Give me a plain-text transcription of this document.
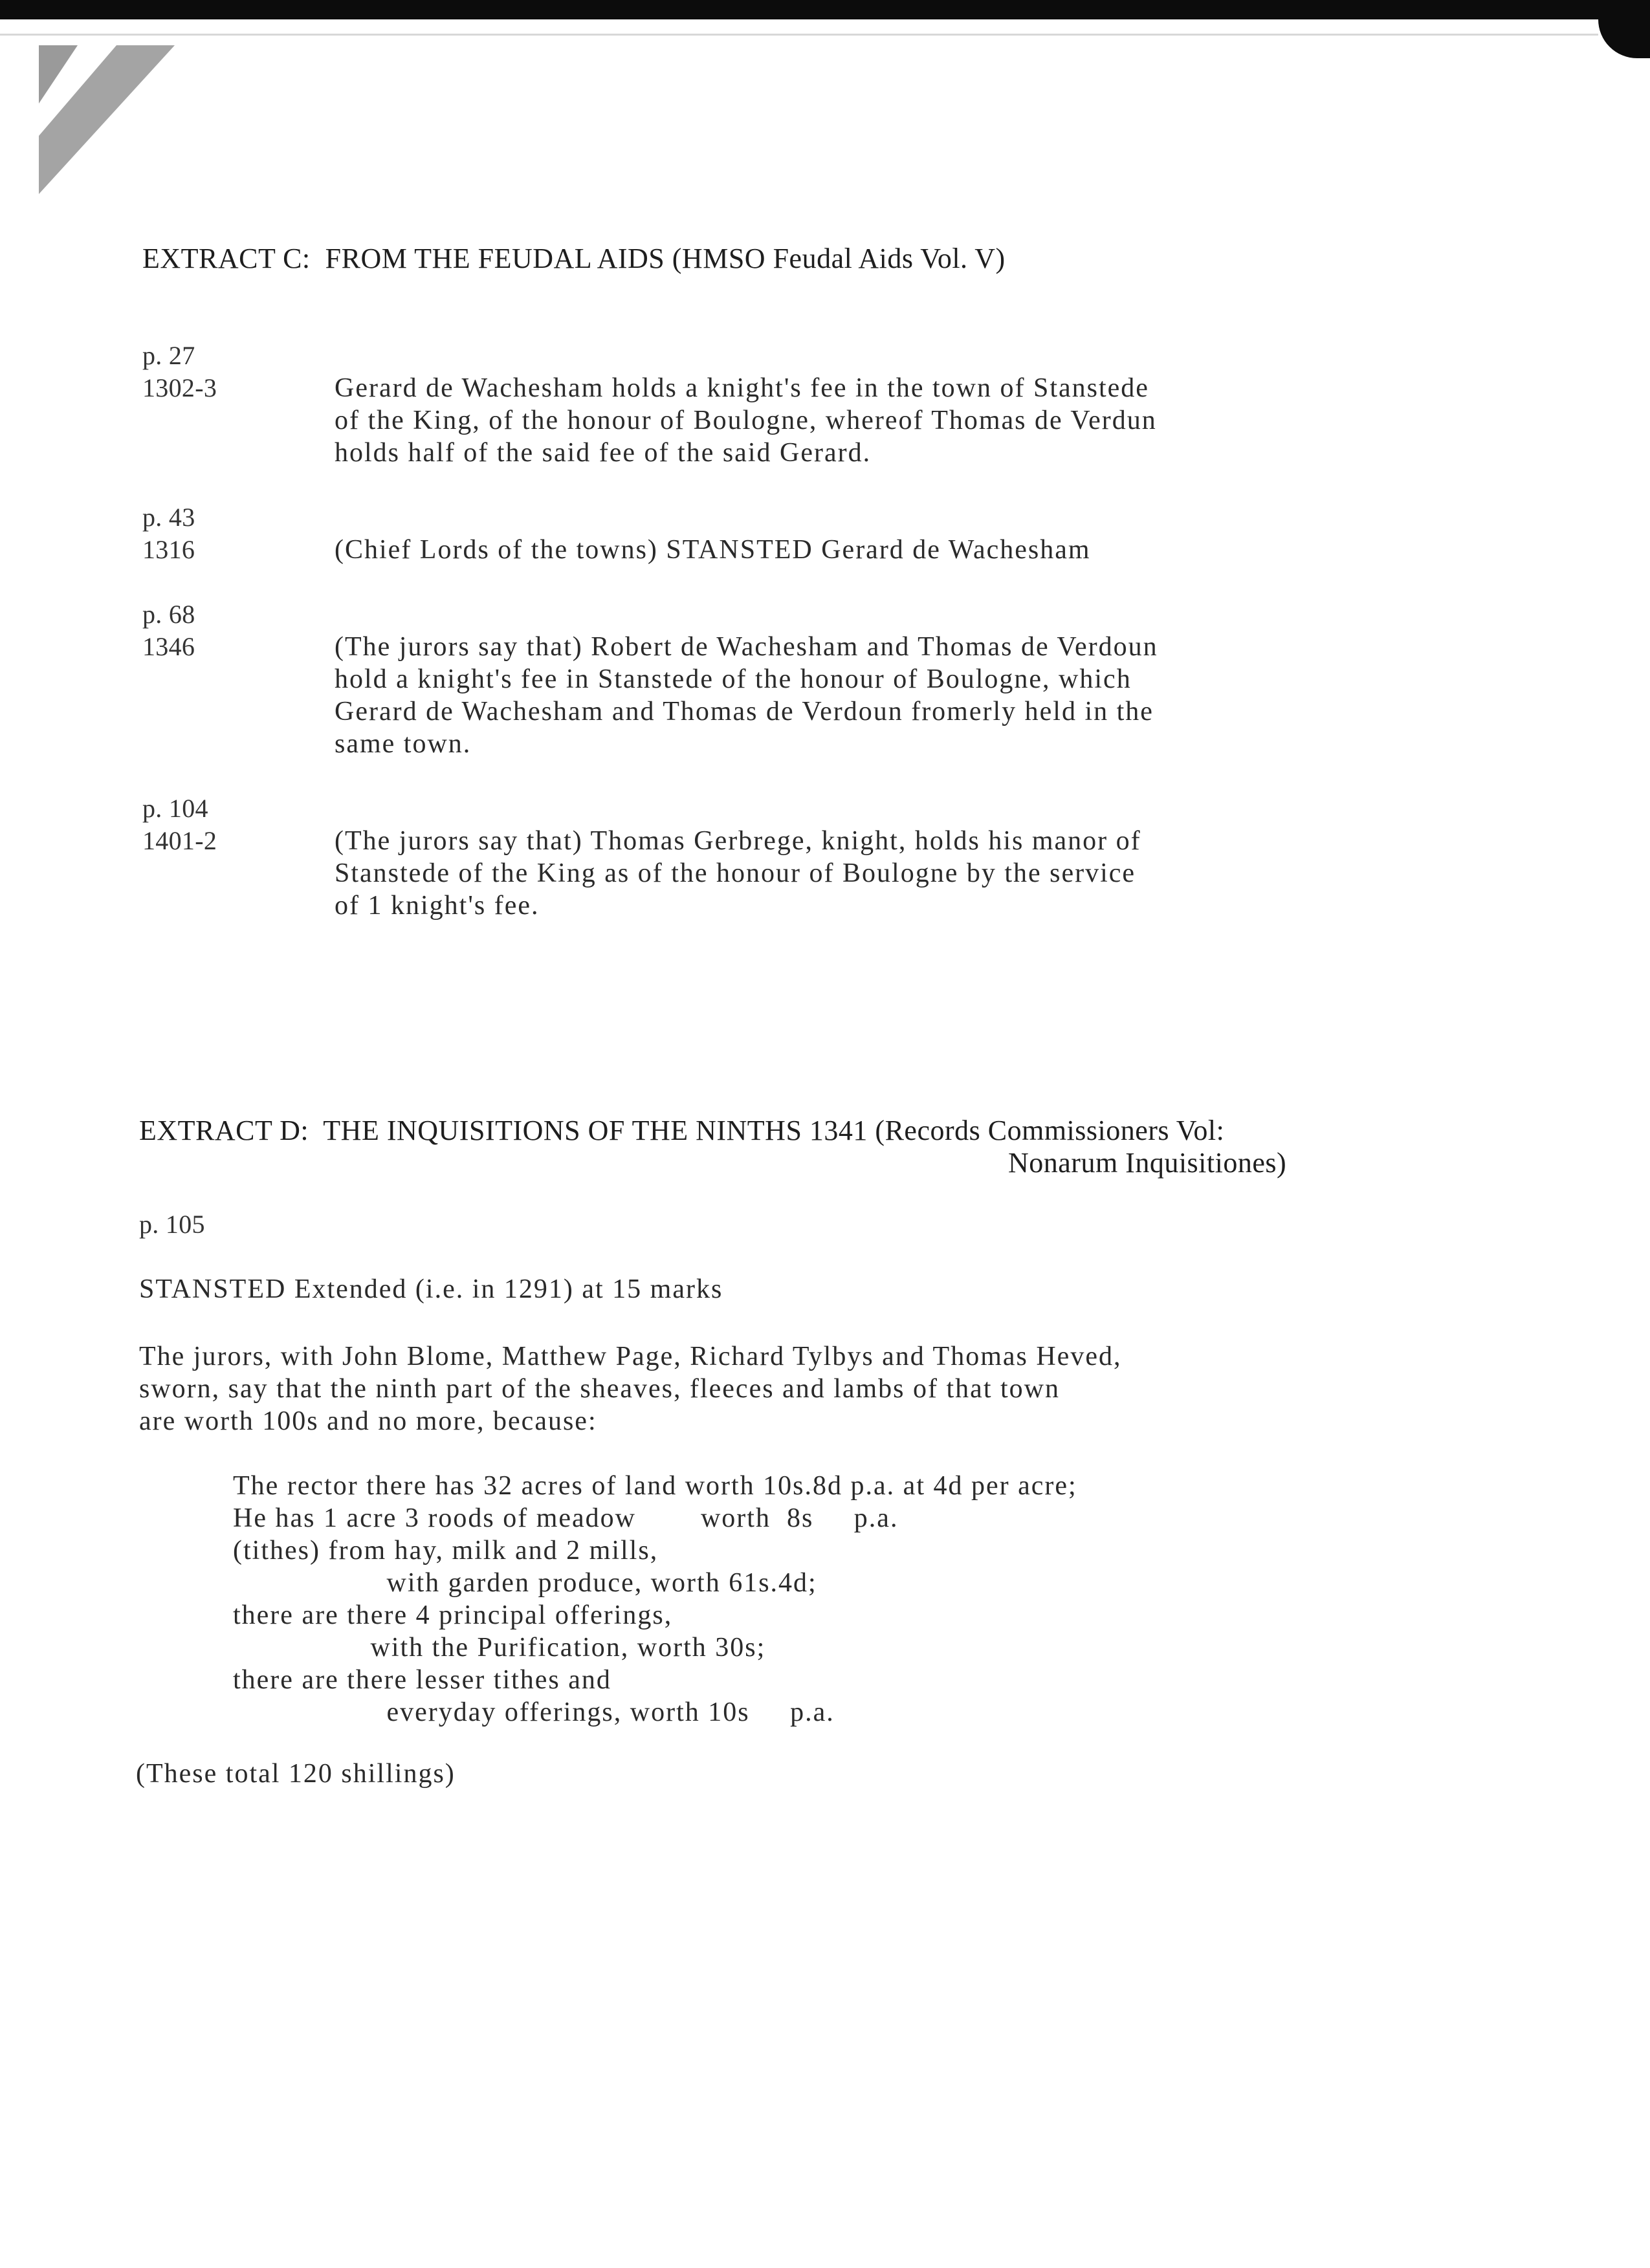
EXTRACT C:  FROM THE FEUDAL AIDS (HMSO Feudal Aids Vol. V)
p. 27
1302-3	Gerard de Wachesham holds a knight's fee in the town of Stanstede
of the King, of the honour of Boulogne, whereof Thomas de Verdun
holds half of the said fee of the said Gerard.
p. 43
1316	(Chief Lords of the towns) STANSTED Gerard de Wachesham
p. 68
1346	(The jurors say that) Robert de Wachesham and Thomas de Verdoun
hold a knight's fee in Stanstede of the honour of Boulogne, which
Gerard de Wachesham and Thomas de Verdoun fromerly held in the
same town.
p. 104
1401-2	(The jurors say that) Thomas Gerbrege, knight, holds his manor of
Stanstede of the King as of the honour of Boulogne by the service
of 1 knight's fee.
EXTRACT D:  THE INQUISITIONS OF THE NINTHS 1341 (Records Commissioners Vol:
Nonarum Inquisitiones)
p. 105
STANSTED Extended (i.e. in 1291) at 15 marks
The jurors, with John Blome, Matthew Page, Richard Tylbys and Thomas Heved,
sworn, say that the ninth part of the sheaves, fleeces and lambs of that town
are worth 100s and no more, because:
The rector there has 32 acres of land worth 10s.8d p.a. at 4d per acre;
He has 1 acre 3 roods of meadow        worth  8s     p.a.
(tithes) from hay, milk and 2 mills,
with garden produce, worth 61s.4d;
there are there 4 principal offerings,
with the Purification, worth 30s;
there are there lesser tithes and
everyday offerings, worth 10s     p.a.
(These total 120 shillings)
